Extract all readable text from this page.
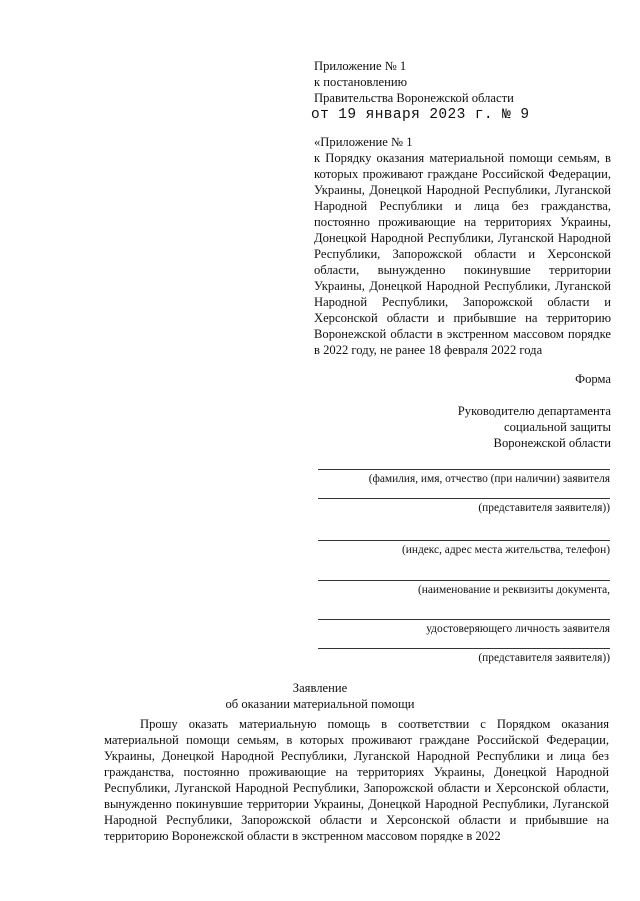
Приложение № 1
к постановлению
Правительства Воронежской области
от 19 января 2023 г. № 9
«Приложение № 1
к Порядку оказания материальной помощи семьям, в которых проживают граждане Российской Федерации, Украины, Донецкой Народной Республики, Луганской Народной Республики и лица без гражданства, постоянно проживающие на территориях Украины, Донецкой Народной Республики, Луганской Народной Республики, Запорожской области и Херсонской области, вынужденно покинувшие территории Украины, Донецкой Народной Республики, Луганской Народной Республики, Запорожской области и Херсонской области и прибывшие на территорию Воронежской области в экстренном массовом порядке в 2022 году, не ранее 18 февраля 2022 года
Форма
Руководителю департамента
социальной защиты
Воронежской области
(фамилия, имя, отчество (при наличии) заявителя
(представителя заявителя))
(индекс, адрес места жительства, телефон)
(наименование и реквизиты документа,
удостоверяющего личность заявителя
(представителя заявителя))
Заявление
об оказании материальной помощи
Прошу оказать материальную помощь в соответствии с Порядком оказания материальной помощи семьям, в которых проживают граждане Российской Федерации, Украины, Донецкой Народной Республики, Луганской Народной Республики и лица без гражданства, постоянно проживающие на территориях Украины, Донецкой Народной Республики, Луганской Народной Республики, Запорожской области и Херсонской области, вынужденно покинувшие территории Украины, Донецкой Народной Республики, Луганской Народной Республики, Запорожской области и Херсонской области и прибывшие на территорию Воронежской области в экстренном массовом порядке в 2022
